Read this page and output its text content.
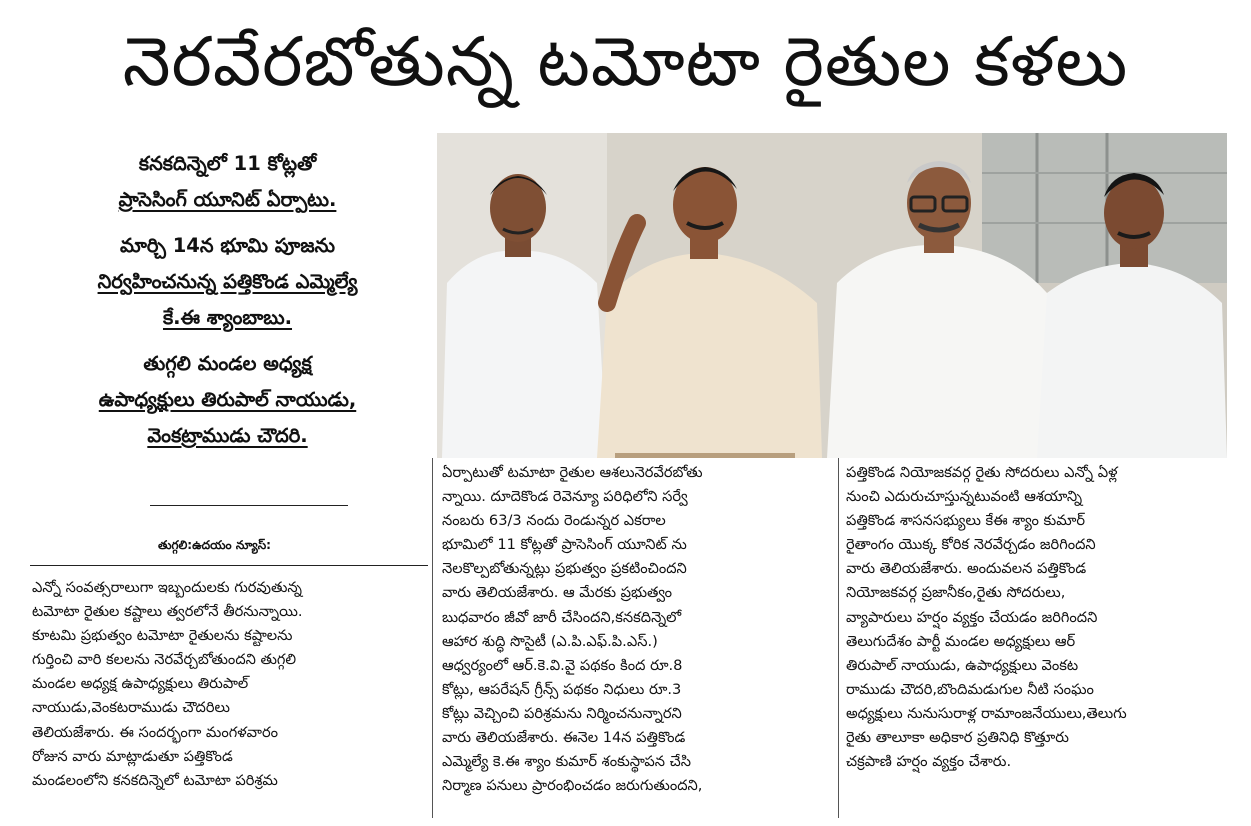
నెరవేరబోతున్న టమోటా రైతుల కళలు

కనకదిన్నెలో 11 కోట్లతో
ప్రాసెసింగ్ యూనిట్ ఏర్పాటు.

మార్చి 14న భూమి పూజను
నిర్వహించనున్న పత్తికొండ ఎమ్మెల్యే
కే.ఈ శ్యాంబాబు.

తుగ్గలి మండల అధ్యక్ష
ఉపాధ్యక్షులు తిరుపాల్ నాయుడు,
వెంకట్రాముడు చౌదరి.

తుగ్గలి:ఉదయం న్యూస్:
ఎన్నో సంవత్సరాలుగా ఇబ్బందులకు గురవుతున్న
టమోటా రైతుల కష్టాలు త్వరలోనే తీరనున్నాయి.
కూటమి ప్రభుత్వం టమోటా రైతులను కష్టాలను
గుర్తించి వారి కలలను నెరవేర్చబోతుందని తుగ్గలి
మండల అధ్యక్ష ఉపాధ్యక్షులు తిరుపాల్
నాయుడు,వెంకటరాముడు చౌదరిలు
తెలియజేశారు. ఈ సందర్భంగా మంగళవారం
రోజున వారు మాట్లాడుతూ పత్తికొండ
మండలంలోని కనకదిన్నెలో టమోటా పరిశ్రమ
ఏర్పాటుతో టమాటా రైతుల ఆశలునెరవేరబోతు
న్నాయి. దూదెకొండ రెవెన్యూ పరిధిలోని సర్వే
నంబరు 63/3 నందు రెండున్నర ఎకరాల
భూమిలో 11 కోట్లతో ప్రాసెసింగ్ యూనిట్ ను
నెలకొల్పబోతున్నట్లు ప్రభుత్వం ప్రకటించిందని
వారు తెలియజేశారు. ఆ మేరకు ప్రభుత్వం
బుధవారం జీవో జారీ చేసిందని,కనకదిన్నెలో
ఆహార శుద్ధి సొసైటీ (ఎ.పి.ఎఫ్.పి.ఎస్.)
ఆధ్వర్యంలో ఆర్.కె.వి.వై పథకం కింద రూ.8
కోట్లు, ఆపరేషన్ గ్రీన్స్ పథకం నిధులు రూ.3
కోట్లు వెచ్చించి పరిశ్రమను నిర్మించనున్నారని
వారు తెలియజేశారు. ఈనెల 14న పత్తికొండ
ఎమ్మెల్యే కె.ఈ శ్యాం కుమార్ శంకుస్థాపన చేసి
నిర్మాణ పనులు ప్రారంభించడం జరుగుతుందని,
పత్తికొండ నియోజకవర్గ రైతు సోదరులు ఎన్నో ఏళ్ల
నుంచి ఎదురుచూస్తున్నటువంటి ఆశయాన్ని
పత్తికొండ శాసనసభ్యులు కేఈ శ్యాం కుమార్
రైతాంగం యొక్క కోరిక నెరవేర్చడం జరిగిందని
వారు తెలియజేశారు. అందువలన పత్తికొండ
నియోజకవర్గ ప్రజానీకం,రైతు సోదరులు,
వ్యాపారులు హర్షం వ్యక్తం చేయడం జరిగిందని
తెలుగుదేశం పార్టీ మండల అధ్యక్షులు ఆర్
తిరుపాల్ నాయుడు, ఉపాధ్యక్షులు వెంకట
రాముడు చౌదరి,బొందిమడుగుల నీటి సంఘం
అధ్యక్షులు నునుసురాళ్ల రామాంజనేయులు,తెలుగు
రైతు తాలూకా అధికార ప్రతినిధి కొత్తూరు
చక్రపాణి హర్షం వ్యక్తం చేశారు.
